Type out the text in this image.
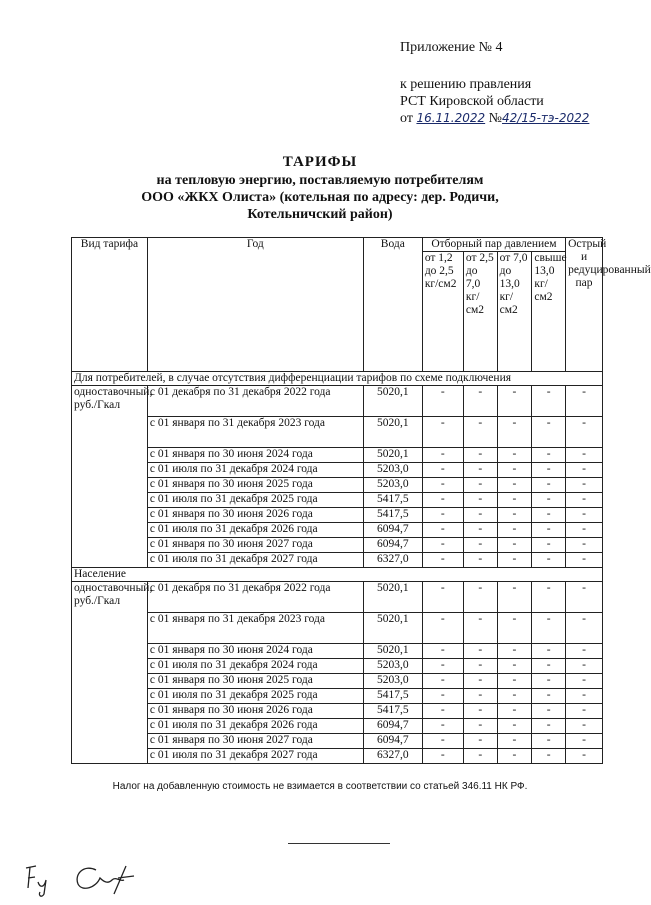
Приложение № 4
к решению правления
РСТ Кировской области
от 16.11.2022 №42/15-тэ-2022
ТАРИФЫ
на тепловую энергию, поставляемую потребителям
ООО «ЖКХ Олиста» (котельная по адресу: дер. Родичи,
Котельничский район)
Вид тарифа	Год	Вода	Отборный пар давлением				Острый и редуцированный пар
			от 1,2 до 2,5 кг/см2	от 2,5 до 7,0 кг/см2	от 7,0 до 13,0 кг/см2	свыше 13,0 кг/см2	
Для потребителей, в случае отсутствия дифференциации тарифов по схеме подключения							
одноставочный, руб./Гкал	с 01 декабря по 31 декабря 2022 года	5020,1	-	-	-	-	-
	с 01 января по 31 декабря 2023 года	5020,1	-	-	-	-	-
	с 01 января по 30 июня 2024 года	5020,1	-	-	-	-	-
	с 01 июля по 31 декабря 2024 года	5203,0	-	-	-	-	-
	с 01 января по 30 июня 2025 года	5203,0	-	-	-	-	-
	с 01 июля по 31 декабря 2025 года	5417,5	-	-	-	-	-
	с 01 января по 30 июня 2026 года	5417,5	-	-	-	-	-
	с 01 июля по 31 декабря 2026 года	6094,7	-	-	-	-	-
	с 01 января по 30 июня 2027 года	6094,7	-	-	-	-	-
	с 01 июля по 31 декабря 2027 года	6327,0	-	-	-	-	-
Население							
одноставочный, руб./Гкал	с 01 декабря по 31 декабря 2022 года	5020,1	-	-	-	-	-
	с 01 января по 31 декабря 2023 года	5020,1	-	-	-	-	-
	с 01 января по 30 июня 2024 года	5020,1	-	-	-	-	-
	с 01 июля по 31 декабря 2024 года	5203,0	-	-	-	-	-
	с 01 января по 30 июня 2025 года	5203,0	-	-	-	-	-
	с 01 июля по 31 декабря 2025 года	5417,5	-	-	-	-	-
	с 01 января по 30 июня 2026 года	5417,5	-	-	-	-	-
	с 01 июля по 31 декабря 2026 года	6094,7	-	-	-	-	-
	с 01 января по 30 июня 2027 года	6094,7	-	-	-	-	-
	с 01 июля по 31 декабря 2027 года	6327,0	-	-	-	-	-
Налог на добавленную стоимость не взимается в соответствии со статьей 346.11 НК РФ.
